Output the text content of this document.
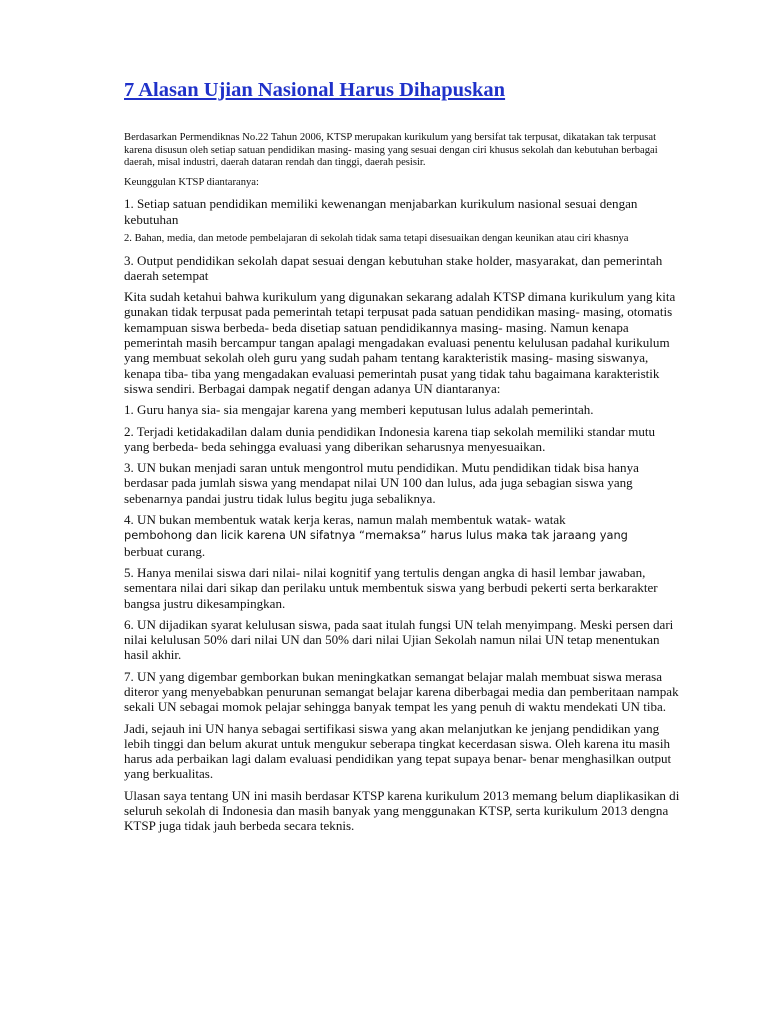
7 Alasan Ujian Nasional Harus Dihapuskan

Berdasarkan Permendiknas No.22 Tahun 2006, KTSP merupakan kurikulum yang bersifat tak terpusat, dikatakan tak terpusat karena disusun oleh setiap satuan pendidikan masing- masing yang sesuai dengan ciri khusus sekolah dan kebutuhan berbagai daerah, misal industri, daerah dataran rendah dan tinggi, daerah pesisir.

Keunggulan KTSP diantaranya:

1. Setiap satuan pendidikan memiliki kewenangan menjabarkan kurikulum nasional sesuai dengan kebutuhan

2. Bahan, media, dan metode pembelajaran di sekolah tidak sama tetapi disesuaikan dengan keunikan atau ciri khasnya

3. Output pendidikan sekolah dapat sesuai dengan kebutuhan stake holder, masyarakat, dan pemerintah daerah setempat

Kita sudah ketahui bahwa kurikulum yang digunakan sekarang adalah KTSP dimana kurikulum yang kita gunakan tidak terpusat pada pemerintah tetapi terpusat pada satuan pendidikan masing- masing, otomatis kemampuan siswa berbeda- beda disetiap satuan pendidikannya masing- masing. Namun kenapa pemerintah masih bercampur tangan apalagi mengadakan evaluasi penentu kelulusan padahal kurikulum yang membuat sekolah oleh guru yang sudah paham tentang karakteristik masing- masing siswanya, kenapa tiba- tiba yang mengadakan evaluasi pemerintah pusat yang tidak tahu bagaimana karakteristik siswa sendiri. Berbagai dampak negatif dengan adanya UN diantaranya:

1. Guru hanya sia- sia mengajar karena yang memberi keputusan lulus adalah pemerintah.

2. Terjadi ketidakadilan dalam dunia pendidikan Indonesia karena tiap sekolah memiliki standar mutu yang berbeda- beda sehingga evaluasi yang diberikan seharusnya menyesuaikan.

3. UN bukan menjadi saran untuk mengontrol mutu pendidikan. Mutu pendidikan tidak bisa hanya berdasar pada jumlah siswa yang mendapat nilai UN 100 dan lulus, ada juga sebagian siswa yang sebenarnya pandai justru tidak lulus begitu juga sebaliknya.

4. UN bukan membentuk watak kerja keras, namun malah membentuk watak- watak
pembohong dan licik karena UN sifatnya “memaksa” harus lulus maka tak jaraang yang
berbuat curang.

5. Hanya menilai siswa dari nilai- nilai kognitif yang tertulis dengan angka di hasil lembar jawaban, sementara nilai dari sikap dan perilaku untuk membentuk siswa yang berbudi pekerti serta berkarakter bangsa justru dikesampingkan.

6. UN dijadikan syarat kelulusan siswa, pada saat itulah fungsi UN telah menyimpang. Meski persen dari nilai kelulusan 50% dari nilai UN dan 50% dari nilai Ujian Sekolah namun nilai UN tetap menentukan hasil akhir.

7. UN yang digembar gemborkan bukan meningkatkan semangat belajar malah membuat siswa merasa diteror yang menyebabkan penurunan semangat belajar karena diberbagai media dan pemberitaan nampak sekali UN sebagai momok pelajar sehingga banyak tempat les yang penuh di waktu mendekati UN tiba.

Jadi, sejauh ini UN hanya sebagai sertifikasi siswa yang akan melanjutkan ke jenjang pendidikan yang lebih tinggi dan belum akurat untuk mengukur seberapa tingkat kecerdasan siswa. Oleh karena itu masih harus ada perbaikan lagi dalam evaluasi pendidikan yang tepat supaya benar- benar menghasilkan output yang berkualitas.

Ulasan saya tentang UN ini masih berdasar KTSP karena kurikulum 2013 memang belum diaplikasikan di seluruh sekolah di Indonesia dan masih banyak yang menggunakan KTSP, serta kurikulum 2013 dengna KTSP juga tidak jauh berbeda secara teknis.
